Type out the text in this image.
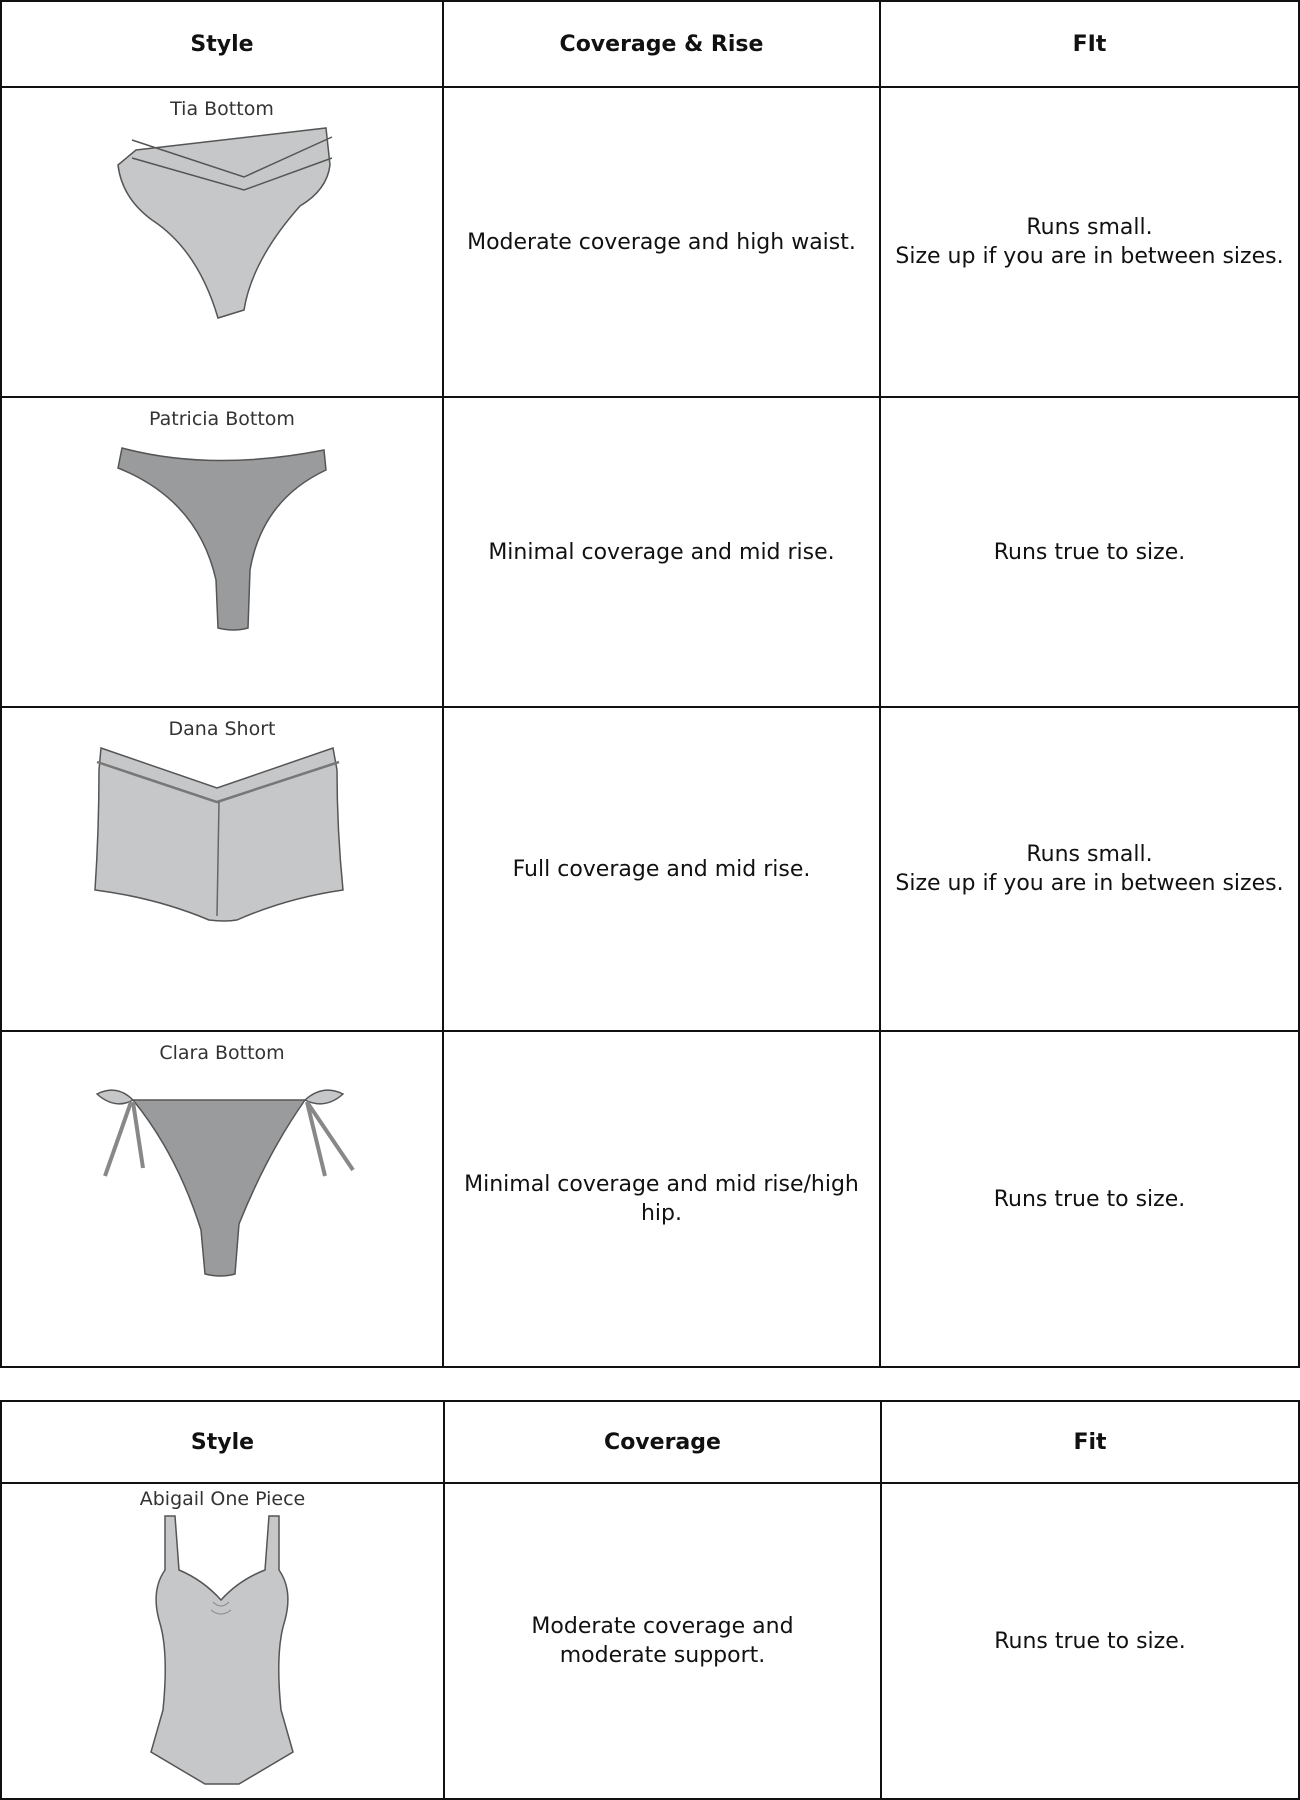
Style	Coverage & Rise	FIt

Tia Bottom	Moderate coverage and high waist.	Runs small.
Size up if you are in between sizes.

Patricia Bottom	Minimal coverage and mid rise.	Runs true to size.

Dana Short	Full coverage and mid rise.	Runs small.
Size up if you are in between sizes.

Clara Bottom	Minimal coverage and mid rise/high hip.	Runs true to size.
Style	Coverage	Fit

Abigail One Piece	Moderate coverage and moderate support.	Runs true to size.
